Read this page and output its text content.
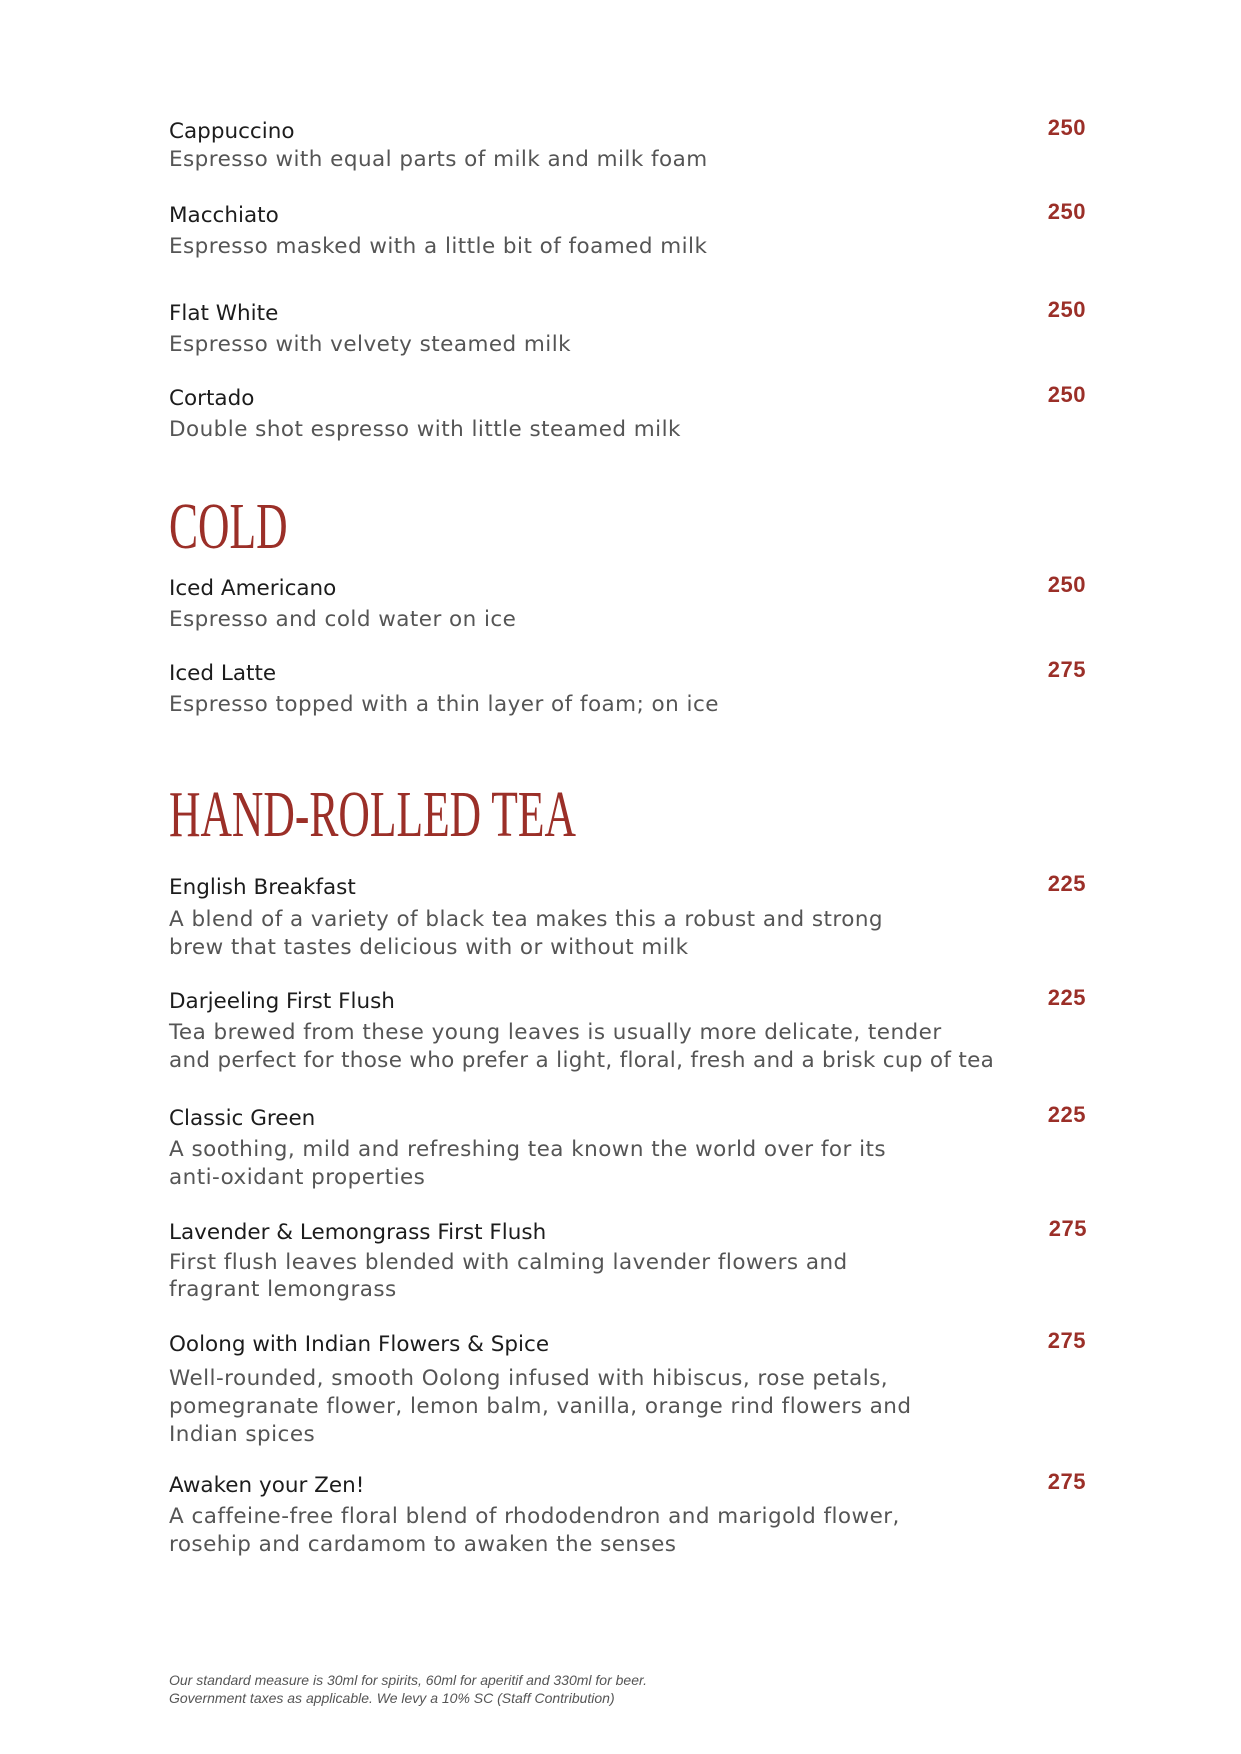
Cappuccino	250
Espresso with equal parts of milk and milk foam
Macchiato	250
Espresso masked with a little bit of foamed milk
Flat White	250
Espresso with velvety steamed milk
Cortado	250
Double shot espresso with little steamed milk
COLD
Iced Americano	250
Espresso and cold water on ice
Iced Latte	275
Espresso topped with a thin layer of foam; on ice
HAND-ROLLED TEA
English Breakfast	225
A blend of a variety of black tea makes this a robust and strong
brew that tastes delicious with or without milk
Darjeeling First Flush	225
Tea brewed from these young leaves is usually more delicate, tender
and perfect for those who prefer a light, floral, fresh and a brisk cup of tea
Classic Green	225
A soothing, mild and refreshing tea known the world over for its
anti-oxidant properties
Lavender & Lemongrass First Flush	275
First flush leaves blended with calming lavender flowers and
fragrant lemongrass
Oolong with Indian Flowers & Spice	275
Well-rounded, smooth Oolong infused with hibiscus, rose petals,
pomegranate flower, lemon balm, vanilla, orange rind flowers and
Indian spices
Awaken your Zen!	275
A caffeine-free floral blend of rhododendron and marigold flower,
rosehip and cardamom to awaken the senses
Our standard measure is 30ml for spirits, 60ml for aperitif and 330ml for beer.
Government taxes as applicable. We levy a 10% SC (Staff Contribution)
